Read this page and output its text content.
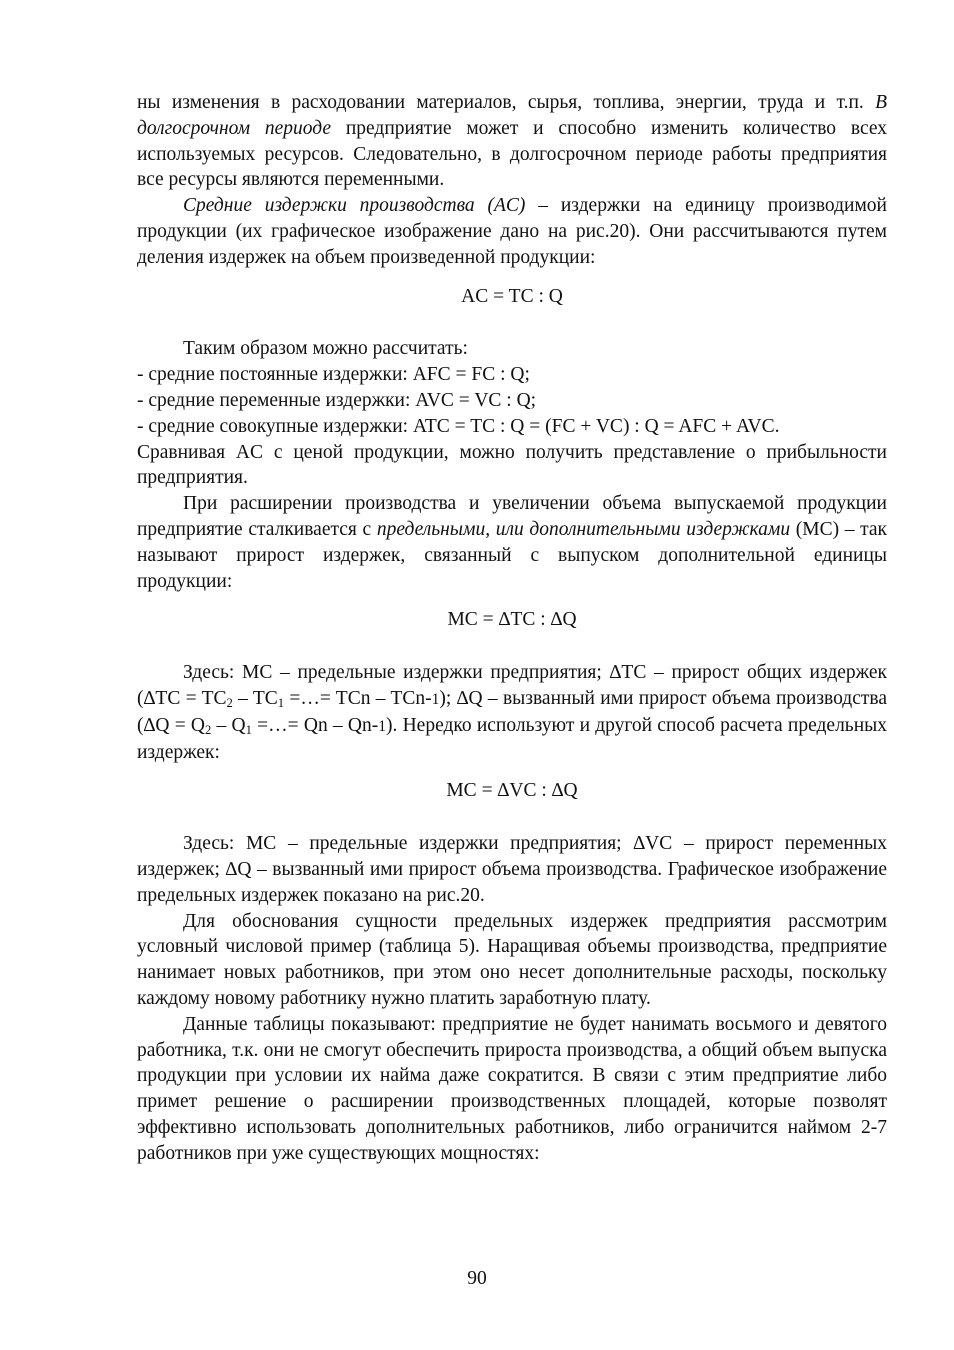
ны изменения в расходовании материалов, сырья, топлива, энергии, труда и т.п. В долгосрочном периоде предприятие может и способно изменить количество всех используемых ресурсов. Следовательно, в долгосрочном периоде работы предприятия все ресурсы являются переменными.

Средние издержки производства (AC) – издержки на единицу производимой продукции (их графическое изображение дано на рис.20). Они рассчитываются путем деления издержек на объем произведенной продукции:

AC = TC : Q

Таким образом можно рассчитать:

- средние постоянные издержки: AFC = FC : Q;

- средние переменные издержки: AVC = VC : Q;

- средние совокупные издержки: ATC = TC : Q = (FC + VC) : Q = AFC + AVC.

Сравнивая AC с ценой продукции, можно получить представление о прибыльности предприятия.

При расширении производства и увеличении объема выпускаемой продукции предприятие сталкивается с предельными, или дополнительными издержками (MC) – так называют прирост издержек, связанный с выпуском дополнительной единицы продукции:

MC = ∆TC : ∆Q

Здесь: MC – предельные издержки предприятия; ∆TC – прирост общих издержек ($\Delta TC = TC_2 - TC_1$ =…= TCn – TCn-1); ∆Q – вызванный ими прирост объема производства ($\Delta Q = Q_2 - Q_1$ =…= Qn – Qn-1). Нередко используют и другой способ расчета предельных издержек:

MC = ∆VC : ∆Q

Здесь: MC – предельные издержки предприятия; ∆VC – прирост переменных издержек; ∆Q – вызванный ими прирост объема производства. Графическое изображение предельных издержек показано на рис.20.

Для обоснования сущности предельных издержек предприятия рассмотрим условный числовой пример (таблица 5). Наращивая объемы производства, предприятие нанимает новых работников, при этом оно несет дополнительные расходы, поскольку каждому новому работнику нужно платить заработную плату.

Данные таблицы показывают: предприятие не будет нанимать восьмого и девятого работника, т.к. они не смогут обеспечить прироста производства, а общий объем выпуска продукции при условии их найма даже сократится. В связи с этим предприятие либо примет решение о расширении производственных площадей, которые позволят эффективно использовать дополнительных работников, либо ограничится наймом 2-7 работников при уже существующих мощностях:

90
